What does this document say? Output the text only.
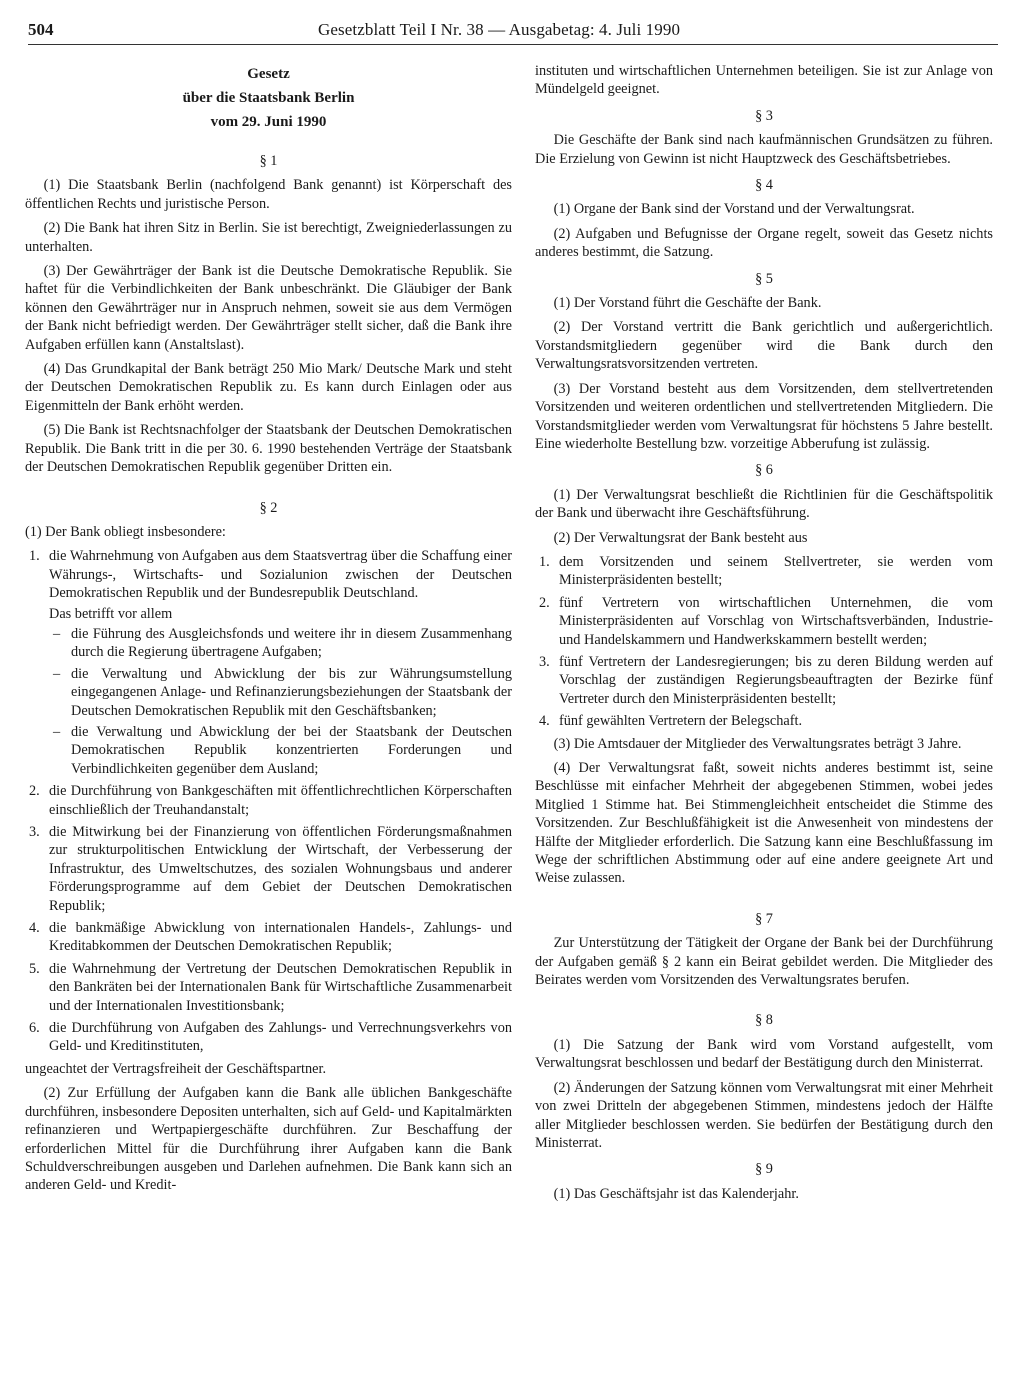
504	Gesetzblatt Teil I Nr. 38 — Ausgabetag: 4. Juli 1990
Gesetz
über die Staatsbank Berlin
vom 29. Juni 1990
§ 1

(1) Die Staatsbank Berlin (nachfolgend Bank genannt) ist Körperschaft des öffentlichen Rechts und juristische Person.

(2) Die Bank hat ihren Sitz in Berlin. Sie ist berechtigt, Zweigniederlassungen zu unterhalten.

(3) Der Gewährträger der Bank ist die Deutsche Demokratische Republik. Sie haftet für die Verbindlichkeiten der Bank unbeschränkt. Die Gläubiger der Bank können den Gewährträger nur in Anspruch nehmen, soweit sie aus dem Vermögen der Bank nicht befriedigt werden. Der Gewährträger stellt sicher, daß die Bank ihre Aufgaben erfüllen kann (Anstaltslast).

(4) Das Grundkapital der Bank beträgt 250 Mio Mark/ Deutsche Mark und steht der Deutschen Demokratischen Republik zu. Es kann durch Einlagen oder aus Eigenmitteln der Bank erhöht werden.

(5) Die Bank ist Rechtsnachfolger der Staatsbank der Deutschen Demokratischen Republik. Die Bank tritt in die per 30. 6. 1990 bestehenden Verträge der Staatsbank der Deutschen Demokratischen Republik gegenüber Dritten ein.

§ 2

(1) Der Bank obliegt insbesondere:

1. die Wahrnehmung von Aufgaben aus dem Staatsvertrag über die Schaffung einer Währungs-, Wirtschafts- und Sozialunion zwischen der Deutschen Demokratischen Republik und der Bundesrepublik Deutschland.
Das betrifft vor allem
– die Führung des Ausgleichsfonds und weitere ihr in diesem Zusammenhang durch die Regierung übertragene Aufgaben;
– die Verwaltung und Abwicklung der bis zur Währungsumstellung eingegangenen Anlage- und Refinanzierungsbeziehungen der Staatsbank der Deutschen Demokratischen Republik mit den Geschäftsbanken;
– die Verwaltung und Abwicklung der bei der Staatsbank der Deutschen Demokratischen Republik konzentrierten Forderungen und Verbindlichkeiten gegenüber dem Ausland;
2. die Durchführung von Bankgeschäften mit öffentlichrechtlichen Körperschaften einschließlich der Treuhandanstalt;
3. die Mitwirkung bei der Finanzierung von öffentlichen Förderungsmaßnahmen zur strukturpolitischen Entwicklung der Wirtschaft, der Verbesserung der Infrastruktur, des Umweltschutzes, des sozialen Wohnungsbaus und anderer Förderungsprogramme auf dem Gebiet der Deutschen Demokratischen Republik;
4. die bankmäßige Abwicklung von internationalen Handels-, Zahlungs- und Kreditabkommen der Deutschen Demokratischen Republik;
5. die Wahrnehmung der Vertretung der Deutschen Demokratischen Republik in den Bankräten bei der Internationalen Bank für Wirtschaftliche Zusammenarbeit und der Internationalen Investitionsbank;
6. die Durchführung von Aufgaben des Zahlungs- und Verrechnungsverkehrs von Geld- und Kreditinstituten,

ungeachtet der Vertragsfreiheit der Geschäftspartner.

(2) Zur Erfüllung der Aufgaben kann die Bank alle üblichen Bankgeschäfte durchführen, insbesondere Depositen unterhalten, sich auf Geld- und Kapitalmärkten refinanzieren und Wertpapiergeschäfte durchführen. Zur Beschaffung der erforderlichen Mittel für die Durchführung ihrer Aufgaben kann die Bank Schuldverschreibungen ausgeben und Darlehen aufnehmen. Die Bank kann sich an anderen Geld- und Kredit-

instituten und wirtschaftlichen Unternehmen beteiligen. Sie ist zur Anlage von Mündelgeld geeignet.

§ 3

Die Geschäfte der Bank sind nach kaufmännischen Grundsätzen zu führen. Die Erzielung von Gewinn ist nicht Hauptzweck des Geschäftsbetriebes.

§ 4

(1) Organe der Bank sind der Vorstand und der Verwaltungsrat.

(2) Aufgaben und Befugnisse der Organe regelt, soweit das Gesetz nichts anderes bestimmt, die Satzung.

§ 5

(1) Der Vorstand führt die Geschäfte der Bank.

(2) Der Vorstand vertritt die Bank gerichtlich und außergerichtlich. Vorstandsmitgliedern gegenüber wird die Bank durch den Verwaltungsratsvorsitzenden vertreten.

(3) Der Vorstand besteht aus dem Vorsitzenden, dem stellvertretenden Vorsitzenden und weiteren ordentlichen und stellvertretenden Mitgliedern. Die Vorstandsmitglieder werden vom Verwaltungsrat für höchstens 5 Jahre bestellt. Eine wiederholte Bestellung bzw. vorzeitige Abberufung ist zulässig.

§ 6

(1) Der Verwaltungsrat beschließt die Richtlinien für die Geschäftspolitik der Bank und überwacht ihre Geschäftsführung.

(2) Der Verwaltungsrat der Bank besteht aus

1. dem Vorsitzenden und seinem Stellvertreter, sie werden vom Ministerpräsidenten bestellt;
2. fünf Vertretern von wirtschaftlichen Unternehmen, die vom Ministerpräsidenten auf Vorschlag von Wirtschaftsverbänden, Industrie- und Handelskammern und Handwerkskammern bestellt werden;
3. fünf Vertretern der Landesregierungen; bis zu deren Bildung werden auf Vorschlag der zuständigen Regierungsbeauftragten der Bezirke fünf Vertreter durch den Ministerpräsidenten bestellt;
4. fünf gewählten Vertretern der Belegschaft.

(3) Die Amtsdauer der Mitglieder des Verwaltungsrates beträgt 3 Jahre.

(4) Der Verwaltungsrat faßt, soweit nichts anderes bestimmt ist, seine Beschlüsse mit einfacher Mehrheit der abgegebenen Stimmen, wobei jedes Mitglied 1 Stimme hat. Bei Stimmengleichheit entscheidet die Stimme des Vorsitzenden. Zur Beschlußfähigkeit ist die Anwesenheit von mindestens der Hälfte der Mitglieder erforderlich. Die Satzung kann eine Beschlußfassung im Wege der schriftlichen Abstimmung oder auf eine andere geeignete Art und Weise zulassen.

§ 7

Zur Unterstützung der Tätigkeit der Organe der Bank bei der Durchführung der Aufgaben gemäß § 2 kann ein Beirat gebildet werden. Die Mitglieder des Beirates werden vom Vorsitzenden des Verwaltungsrates berufen.

§ 8

(1) Die Satzung der Bank wird vom Vorstand aufgestellt, vom Verwaltungsrat beschlossen und bedarf der Bestätigung durch den Ministerrat.

(2) Änderungen der Satzung können vom Verwaltungsrat mit einer Mehrheit von zwei Dritteln der abgegebenen Stimmen, mindestens jedoch der Hälfte aller Mitglieder beschlossen werden. Sie bedürfen der Bestätigung durch den Ministerrat.

§ 9

(1) Das Geschäftsjahr ist das Kalenderjahr.
